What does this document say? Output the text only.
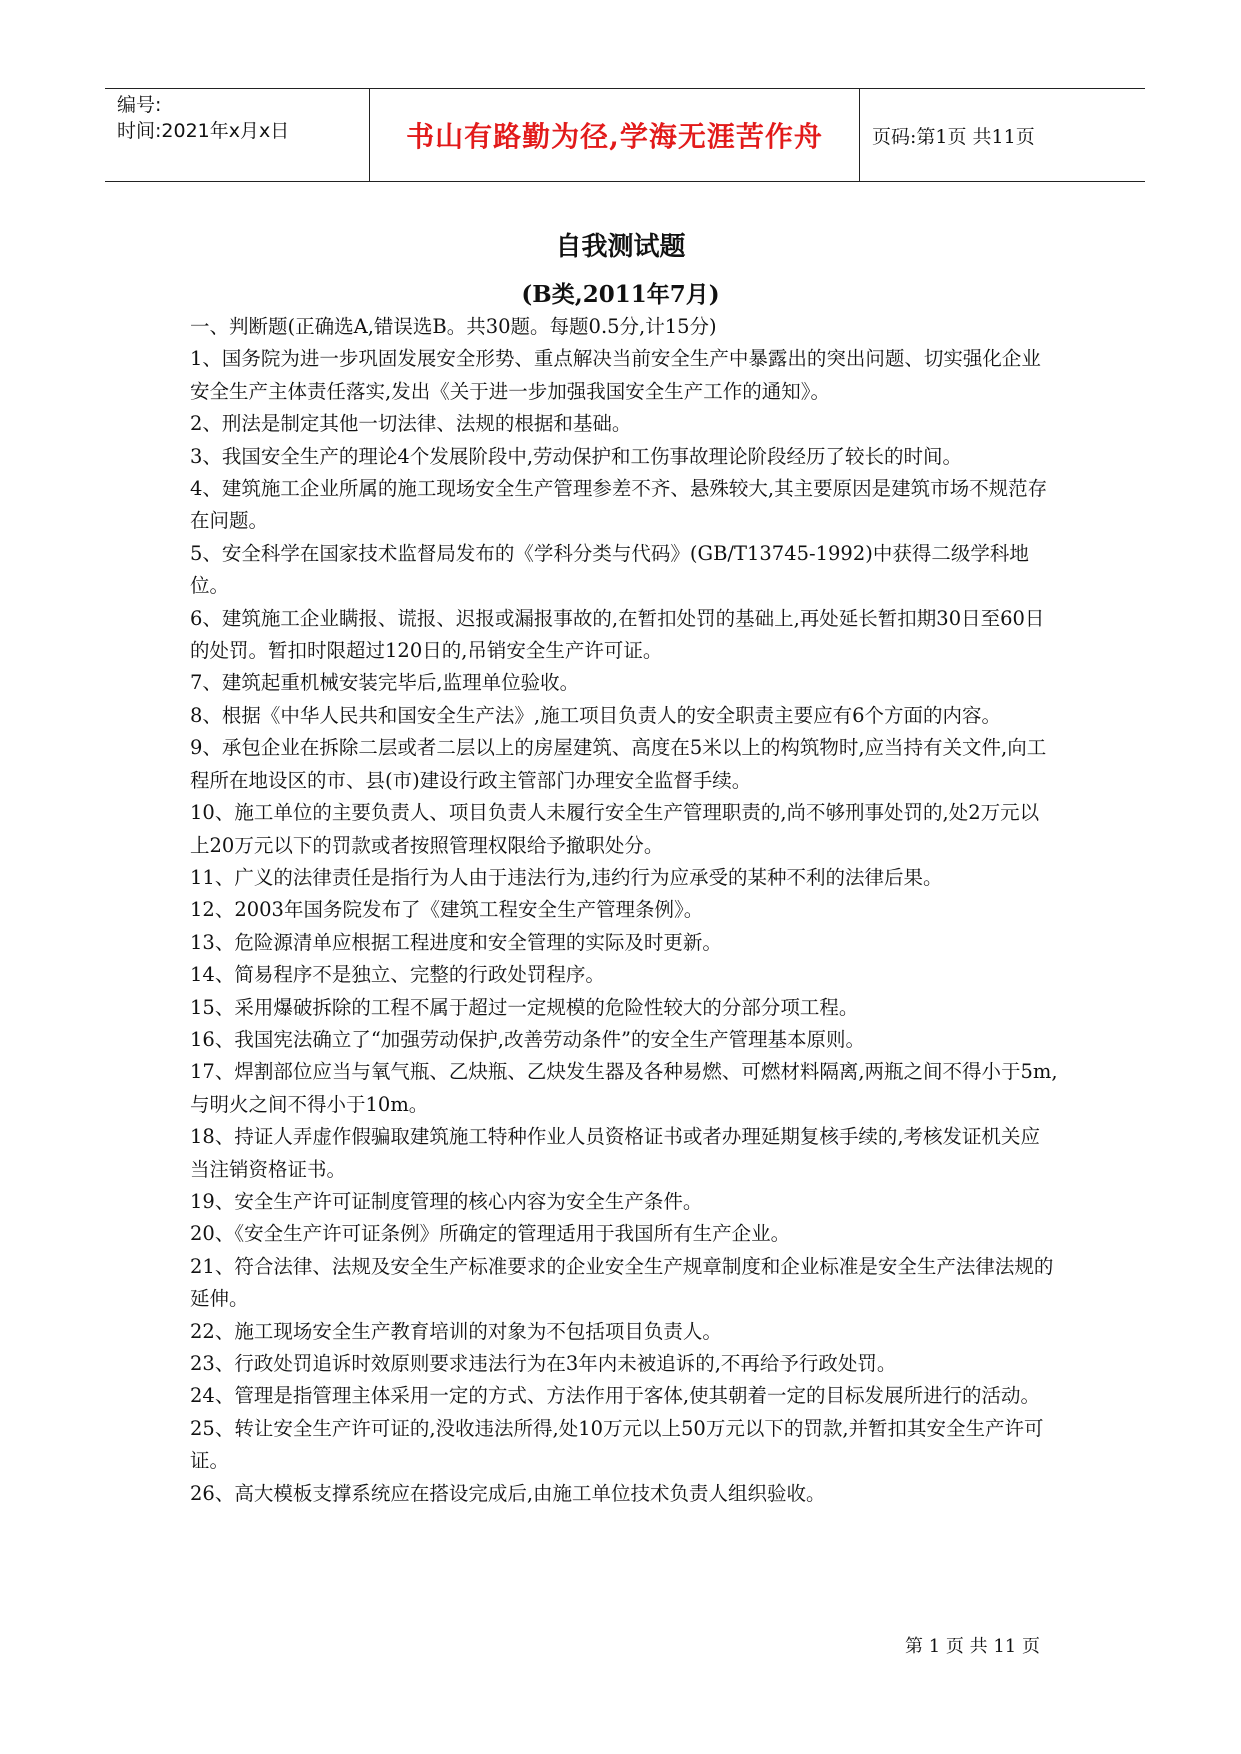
编号:
时间:2021年x月x日	书山有路勤为径,学海无涯苦作舟	页码:第1页 共11页
自我测试题
(B类,2011年7月)

一、判断题(正确选A,错误选B。共30题。每题0.5分,计15分)

1、国务院为进一步巩固发展安全形势、重点解决当前安全生产中暴露出的突出问题、切实强化企业安全生产主体责任落实,发出《关于进一步加强我国安全生产工作的通知》。

2、刑法是制定其他一切法律、法规的根据和基础。

3、我国安全生产的理论4个发展阶段中,劳动保护和工伤事故理论阶段经历了较长的时间。

4、建筑施工企业所属的施工现场安全生产管理参差不齐、悬殊较大,其主要原因是建筑市场不规范存在问题。

5、安全科学在国家技术监督局发布的《学科分类与代码》(GB/T13745-1992)中获得二级学科地位。

6、建筑施工企业瞒报、谎报、迟报或漏报事故的,在暂扣处罚的基础上,再处延长暂扣期30日至60日的处罚。暂扣时限超过120日的,吊销安全生产许可证。

7、建筑起重机械安装完毕后,监理单位验收。

8、根据《中华人民共和国安全生产法》,施工项目负责人的安全职责主要应有6个方面的内容。

9、承包企业在拆除二层或者二层以上的房屋建筑、高度在5米以上的构筑物时,应当持有关文件,向工程所在地设区的市、县(市)建设行政主管部门办理安全监督手续。

10、施工单位的主要负责人、项目负责人未履行安全生产管理职责的,尚不够刑事处罚的,处2万元以上20万元以下的罚款或者按照管理权限给予撤职处分。

11、广义的法律责任是指行为人由于违法行为,违约行为应承受的某种不利的法律后果。

12、2003年国务院发布了《建筑工程安全生产管理条例》。

13、危险源清单应根据工程进度和安全管理的实际及时更新。

14、简易程序不是独立、完整的行政处罚程序。

15、采用爆破拆除的工程不属于超过一定规模的危险性较大的分部分项工程。

16、我国宪法确立了“加强劳动保护,改善劳动条件”的安全生产管理基本原则。

17、焊割部位应当与氧气瓶、乙炔瓶、乙炔发生器及各种易燃、可燃材料隔离,两瓶之间不得小于5m,与明火之间不得小于10m。

18、持证人弄虚作假骗取建筑施工特种作业人员资格证书或者办理延期复核手续的,考核发证机关应当注销资格证书。

19、安全生产许可证制度管理的核心内容为安全生产条件。

20、《安全生产许可证条例》所确定的管理适用于我国所有生产企业。

21、符合法律、法规及安全生产标准要求的企业安全生产规章制度和企业标准是安全生产法律法规的延伸。

22、施工现场安全生产教育培训的对象为不包括项目负责人。

23、行政处罚追诉时效原则要求违法行为在3年内未被追诉的,不再给予行政处罚。

24、管理是指管理主体采用一定的方式、方法作用于客体,使其朝着一定的目标发展所进行的活动。

25、转让安全生产许可证的,没收违法所得,处10万元以上50万元以下的罚款,并暂扣其安全生产许可证。

26、高大模板支撑系统应在搭设完成后,由施工单位技术负责人组织验收。

第 1 页 共 11 页
